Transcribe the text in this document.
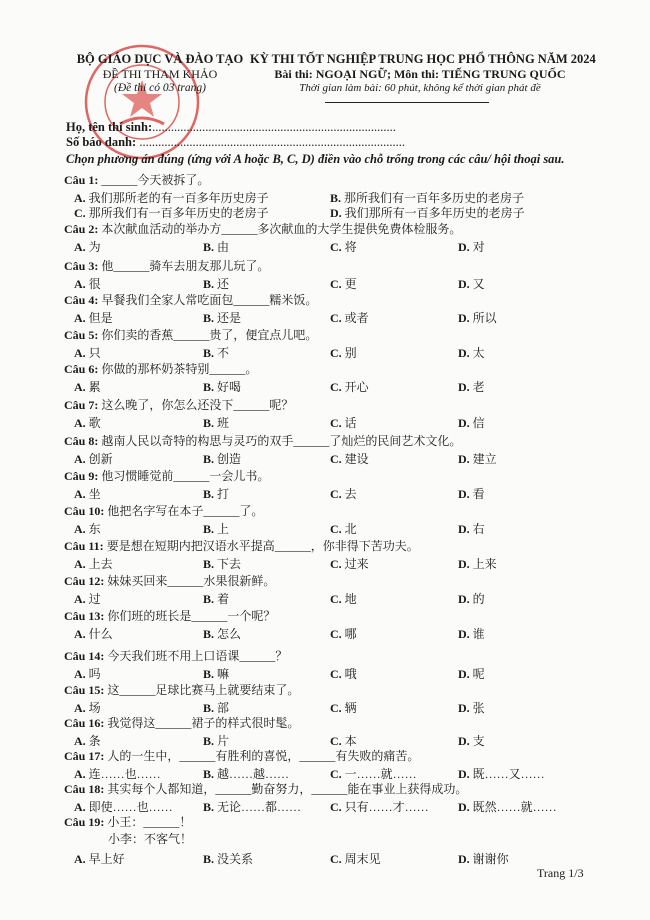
BỘ GIÁO DỤC VÀ ĐÀO TẠO
ĐỀ THI THAM KHẢO
(Đề thi có 03 trang)
KỲ THI TỐT NGHIỆP TRUNG HỌC PHỔ THÔNG NĂM 2024
Bài thi: NGOẠI NGỮ; Môn thi: TIẾNG TRUNG QUỐC
Thời gian làm bài: 60 phút, không kể thời gian phát đề
Họ, tên thí sinh:..............................................................................
Số báo danh: .....................................................................................
Chọn phương án đúng (ứng với A hoặc B, C, D) điền vào chỗ trống trong các câu/ hội thoại sau.
Câu 1: ______今天被拆了。
A. 我们那所老的有一百多年历史房子	B. 那所我们有一百年多历史的老房子
C. 那所我们有一百多年历史的老房子	D. 我们那所有一百多年历史的老房子
Câu 2: 本次献血活动的举办方______多次献血的大学生提供免费体检服务。
A. 为	B. 由	C. 将	D. 对
Câu 3: 他______骑车去朋友那儿玩了。
A. 很	B. 还	C. 更	D. 又
Câu 4: 早餐我们全家人常吃面包______糯米饭。
A. 但是	B. 还是	C. 或者	D. 所以
Câu 5: 你们卖的香蕉______贵了，便宜点儿吧。
A. 只	B. 不	C. 别	D. 太
Câu 6: 你做的那杯奶茶特别______。
A. 累	B. 好喝	C. 开心	D. 老
Câu 7: 这么晚了，你怎么还没下______呢？
A. 歌	B. 班	C. 话	D. 信
Câu 8: 越南人民以奇特的构思与灵巧的双手______了灿烂的民间艺术文化。
A. 创新	B. 创造	C. 建设	D. 建立
Câu 9: 他习惯睡觉前______一会儿书。
A. 坐	B. 打	C. 去	D. 看
Câu 10: 他把名字写在本子______了。
A. 东	B. 上	C. 北	D. 右
Câu 11: 要是想在短期内把汉语水平提高______，你非得下苦功夫。
A. 上去	B. 下去	C. 过来	D. 上来
Câu 12: 妹妹买回来______水果很新鲜。
A. 过	B. 着	C. 地	D. 的
Câu 13: 你们班的班长是______一个呢？
A. 什么	B. 怎么	C. 哪	D. 谁
Câu 14: 今天我们班不用上口语课______？
A. 吗	B. 嘛	C. 哦	D. 呢
Câu 15: 这______足球比赛马上就要结束了。
A. 场	B. 部	C. 辆	D. 张
Câu 16: 我觉得这______裙子的样式很时髦。
A. 条	B. 片	C. 本	D. 支
Câu 17: 人的一生中，______有胜利的喜悦，______有失败的痛苦。
A. 连……也……	B. 越……越……	C. 一……就……	D. 既……又……
Câu 18: 其实每个人都知道，______勤奋努力，______能在事业上获得成功。
A. 即使……也……	B. 无论……都…… C. 只有……才…… D. 既然……就……
Câu 19: 小王：______！
小李：不客气！
A. 早上好	B. 没关系	C. 周末见	D. 谢谢你
Trang 1/3
